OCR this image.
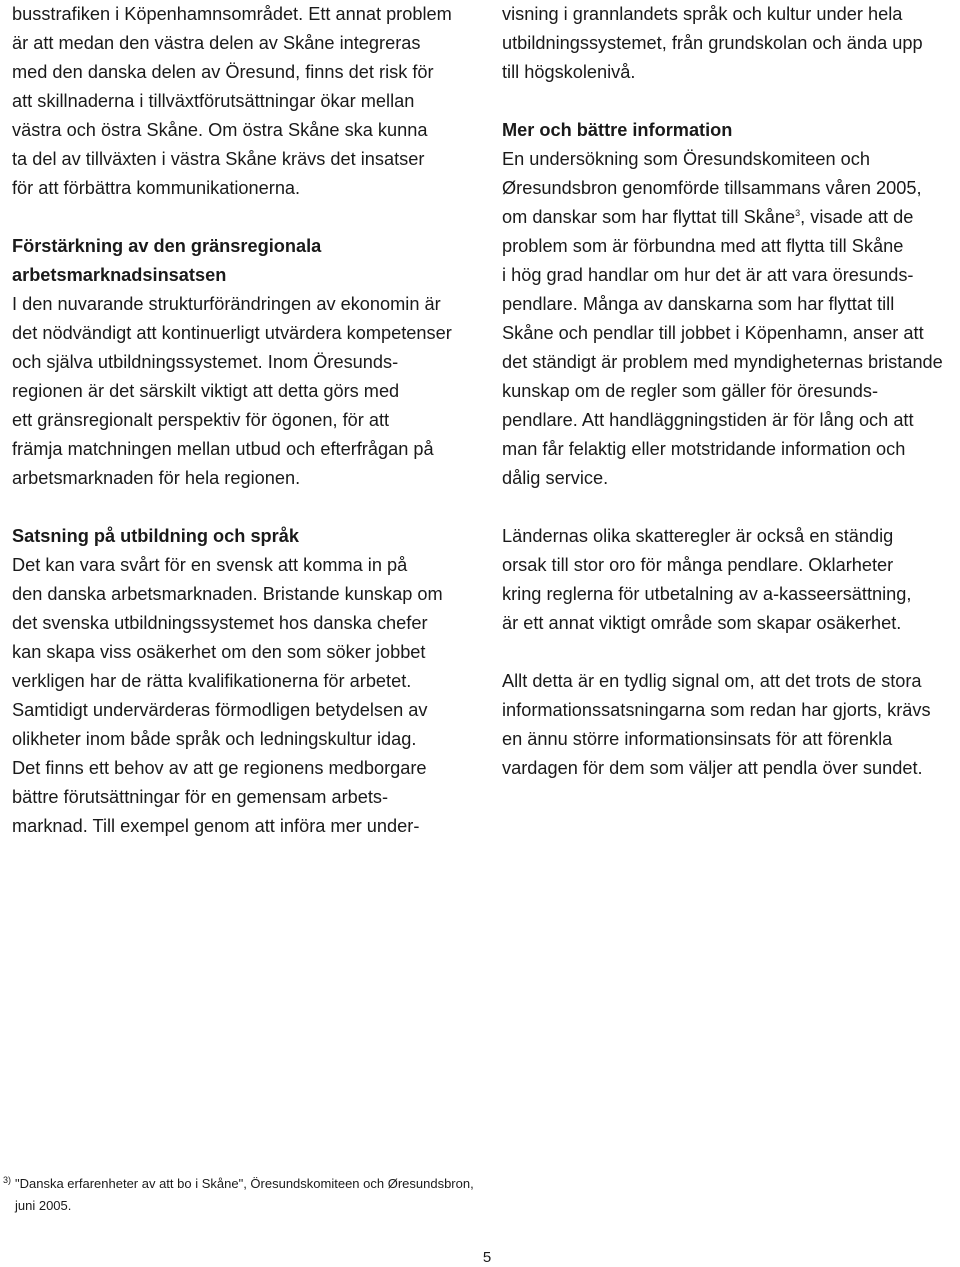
busstrafiken i Köpenhamnsområdet. Ett annat problem
är att medan den västra delen av Skåne integreras
med den danska delen av Öresund, finns det risk för
att skillnaderna i tillväxtförutsättningar ökar mellan
västra och östra Skåne. Om östra Skåne ska kunna
ta del av tillväxten i västra Skåne krävs det insatser
för att förbättra kommunikationerna.
Förstärkning av den gränsregionala
arbetsmarknadsinsatsen
I den nuvarande strukturförändringen av ekonomin är
det nödvändigt att kontinuerligt utvärdera kompetenser
och själva utbildningssystemet. Inom Öresunds-
regionen är det särskilt viktigt att detta görs med
ett gränsregionalt perspektiv för ögonen, för att
främja matchningen mellan utbud och efterfrågan på
arbetsmarknaden för hela regionen.
Satsning på utbildning och språk
Det kan vara svårt för en svensk att komma in på
den danska arbetsmarknaden. Bristande kunskap om
det svenska utbildningssystemet hos danska chefer
kan skapa viss osäkerhet om den som söker jobbet
verkligen har de rätta kvalifikationerna för arbetet.
Samtidigt undervärderas förmodligen betydelsen av
olikheter inom både språk och ledningskultur idag.
Det finns ett behov av att ge regionens medborgare
bättre förutsättningar för en gemensam arbets-
marknad. Till exempel genom att införa mer under-
visning i grannlandets språk och kultur under hela
utbildningssystemet, från grundskolan och ända upp
till högskolenivå.
Mer och bättre information
En undersökning som Öresundskomiteen och
Øresundsbron genomförde tillsammans våren 2005,
om danskar som har flyttat till Skåne$^3$, visade att de
problem som är förbundna med att flytta till Skåne
i hög grad handlar om hur det är att vara öresunds-
pendlare. Många av danskarna som har flyttat till
Skåne och pendlar till jobbet i Köpenhamn, anser att
det ständigt är problem med myndigheternas bristande
kunskap om de regler som gäller för öresunds-
pendlare. Att handläggningstiden är för lång och att
man får felaktig eller motstridande information och
dålig service.
Ländernas olika skatteregler är också en ständig
orsak till stor oro för många pendlare. Oklarheter
kring reglerna för utbetalning av a-kasseersättning,
är ett annat viktigt område som skapar osäkerhet.
Allt detta är en tydlig signal om, att det trots de stora
informationssatsningarna som redan har gjorts, krävs
en ännu större informationsinsats för att förenkla
vardagen för dem som väljer att pendla över sundet.
3) "Danska erfarenheter av att bo i Skåne", Öresundskomiteen och Øresundsbron,
juni 2005.
5
